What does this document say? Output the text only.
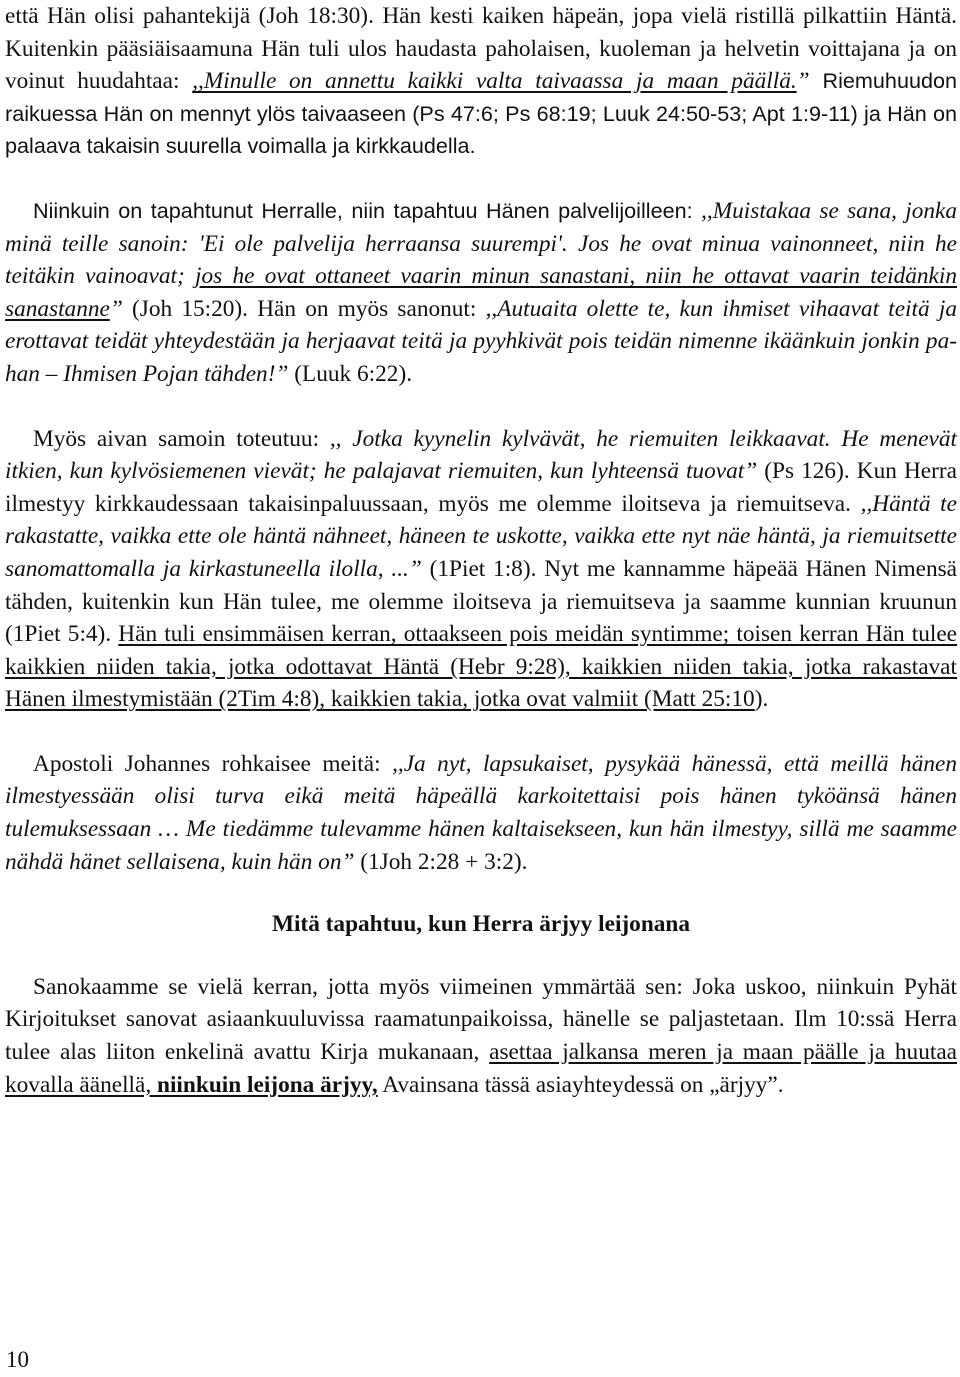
että Hän olisi pahantekijä (Joh 18:30). Hän kesti kaiken häpeän, jopa vielä ristillä pilkattiin Häntä. Kuitenkin pääsiäisaamuna Hän tuli ulos haudasta paholaisen, kuoleman ja helvetin voittajana ja on voinut huudahtaa: ,,Minulle on annettu kaikki valta taivaassa ja maan päällä.” Riemuhuudon raikuessa Hän on mennyt ylös taivaaseen (Ps 47:6; Ps 68:19; Luuk 24:50-53; Apt 1:9-11) ja Hän on palaava takaisin suurella voimalla ja kirkkaudella.

Niinkuin on tapahtunut Herralle, niin tapahtuu Hänen palvelijoilleen: ,,Muistakaa se sana, jonka minä teille sanoin: 'Ei ole palvelija herraansa suurempi'. Jos he ovat minua vainonneet, niin he teitäkin vainoavat; jos he ovat ottaneet vaarin minun sanastani, niin he ottavat vaarin teidänkin sanastanne” (Joh 15:20). Hän on myös sanonut: ,,Autuaita olette te, kun ihmiset vihaavat teitä ja erottavat teidät yhteydestään ja herjaavat teitä ja pyyhkivät pois teidän nimenne ikäänkuin jonkin pahan – Ihmisen Pojan tähden!” (Luuk 6:22).

Myös aivan samoin toteutuu: ,, Jotka kyynelin kylvävät, he riemuiten leikkaavat. He menevät itkien, kun kylvösiemenen vievät; he palajavat riemuiten, kun lyhteensä tuovat” (Ps 126). Kun Herra ilmestyy kirkkaudessaan takaisinpaluussaan, myös me olemme iloitseva ja riemuitseva. ,,Häntä te rakastatte, vaikka ette ole häntä nähneet, häneen te uskotte, vaikka ette nyt näe häntä, ja riemuitsette sanomattomalla ja kirkastuneella ilolla, ...” (1Piet 1:8). Nyt me kannamme häpeää Hänen Nimensä tähden, kuitenkin kun Hän tulee, me olemme iloitseva ja riemuitseva ja saamme kunnian kruunun (1Piet 5:4). Hän tuli ensimmäisen kerran, ottaakseen pois meidän syntimme; toisen kerran Hän tulee kaikkien niiden takia, jotka odottavat Häntä (Hebr 9:28), kaikkien niiden takia, jotka rakastavat Hänen ilmestymistään (2Tim 4:8), kaikkien takia, jotka ovat valmiit (Matt 25:10).

Apostoli Johannes rohkaisee meitä: ,,Ja nyt, lapsukaiset, pysykää hänessä, että meillä hänen ilmestyessään olisi turva eikä meitä häpeällä karkoitettaisi pois hänen tyköänsä hänen tulemuksessaan … Me tiedämme tulevamme hänen kaltaisekseen, kun hän ilmestyy, sillä me saamme nähdä hänet sellaisena, kuin hän on” (1Joh 2:28 + 3:2).

Mitä tapahtuu, kun Herra ärjyy leijonana

Sanokaamme se vielä kerran, jotta myös viimeinen ymmärtää sen: Joka uskoo, niinkuin Pyhät Kirjoitukset sanovat asiaankuuluvissa raamatunpaikoissa, hänelle se paljastetaan. Ilm 10:ssä Herra tulee alas liiton enkelinä avattu Kirja mukanaan, asettaa jalkansa meren ja maan päälle ja huutaa kovalla äänellä, niinkuin leijona ärjyy, Avainsana tässä asiayhteydessä on „ärjyy”.

10
